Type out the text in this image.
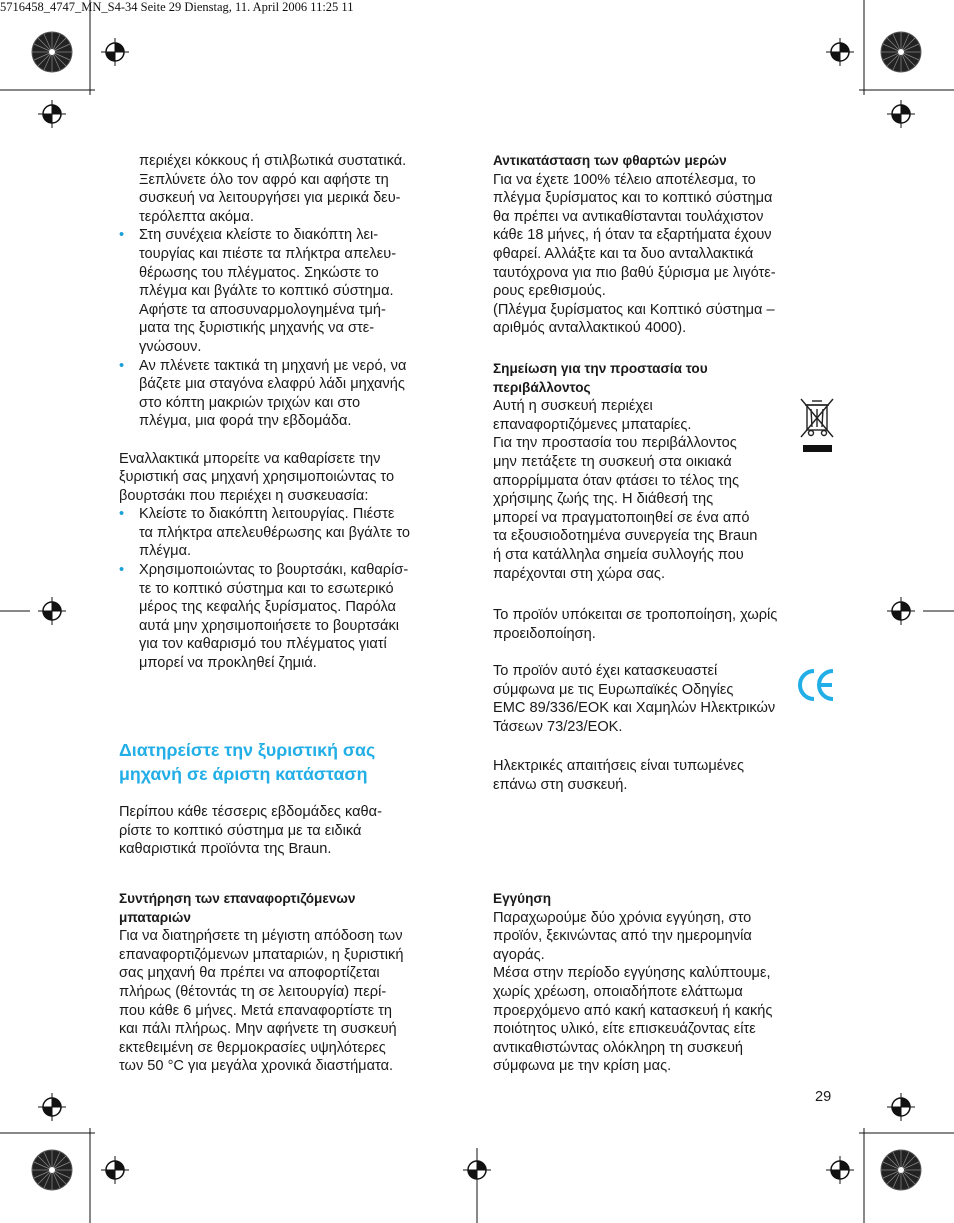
5716458_4747_MN_S4-34 Seite 29 Dienstag, 11. April 2006 11:25 11

περιέχει κόκκους ή στιλβωτικά συστατικά.

Ξεπλύνετε όλο τον αφρό και αφήστε τη

συσκευή να λειτουργήσει για μερικά δευ-

τερόλεπτα ακόμα.

• Στη συνέχεια κλείστε το διακόπτη λει-

τουργίας και πιέστε τα πλήκτρα απελευ-

θέρωσης του πλέγματος. Σηκώστε το

πλέγμα και βγάλτε το κοπτικό σύστημα.

Αφήστε τα αποσυναρμολογημένα τμή-

ματα της ξυριστικής μηχανής να στε-

γνώσουν.

• Αν πλένετε τακτικά τη μηχανή με νερό, να

βάζετε μια σταγόνα ελαφρύ λάδι μηχανής

στο κόπτη μακριών τριχών και στο

πλέγμα, μια φορά την εβδομάδα.

Εναλλακτικά μπορείτε να καθαρίσετε την

ξυριστική σας μηχανή χρησιμοποιώντας το

βουρτσάκι που περιέχει η συσκευασία:

• Κλείστε το διακόπτη λειτουργίας. Πιέστε

τα πλήκτρα απελευθέρωσης και βγάλτε το

πλέγμα.

• Χρησιμοποιώντας το βουρτσάκι, καθαρίσ-

τε το κοπτικό σύστημα και το εσωτερικό

μέρος της κεφαλής ξυρίσματος. Παρόλα

αυτά μην χρησιμοποιήσετε το βουρτσάκι

για τον καθαρισμό του πλέγματος γιατί

μπορεί να προκληθεί ζημιά.

Διατηρείστε την ξυριστική σας
μηχανή σε άριστη κατάσταση

Περίπου κάθε τέσσερις εβδομάδες καθα-

ρίστε το κοπτικό σύστημα με τα ειδικά

καθαριστικά προϊόντα της Braun.

Συντήρηση των επαναφορτιζόμενων

μπαταριών

Για να διατηρήσετε τη μέγιστη απόδοση των

επαναφορτιζόμενων μπαταριών, η ξυριστική

σας μηχανή θα πρέπει να αποφορτίζεται

πλήρως (θέτοντάς τη σε λειτουργία) περί-

που κάθε 6 μήνες. Μετά επαναφορτίστε τη

και πάλι πλήρως. Μην αφήνετε τη συσκευή

εκτεθειμένη σε θερμοκρασίες υψηλότερες

των 50 °C για μεγάλα χρονικά διαστήματα.

Αντικατάσταση των φθαρτών μερών

Για να έχετε 100% τέλειο αποτέλεσμα, το

πλέγμα ξυρίσματος και το κοπτικό σύστημα

θα πρέπει να αντικαθίστανται τουλάχιστον

κάθε 18 μήνες, ή όταν τα εξαρτήματα έχουν

φθαρεί. Αλλάξτε και τα δυο ανταλλακτικά

ταυτόχρονα για πιο βαθύ ξύρισμα με λιγότε-

ρους ερεθισμούς.

(Πλέγμα ξυρίσματος και Κοπτικό σύστημα –

αριθμός ανταλλακτικού 4000).

Σημείωση για την προστασία του

περιβάλλοντος

Αυτή η συσκευή περιέχει

επαναφορτιζόμενες μπαταρίες.

Για την προστασία του περιβάλλοντος

μην πετάξετε τη συσκευή στα οικιακά

απορρίμματα όταν φτάσει το τέλος της

χρήσιμης ζωής της. Η διάθεσή της

μπορεί να πραγματοποιηθεί σε ένα από

τα εξουσιοδοτημένα συνεργεία της Braun

ή στα κατάλληλα σημεία συλλογής που

παρέχονται στη χώρα σας.

Το προϊόν υπόκειται σε τροποποίηση, χωρίς

προειδοποίηση.

Το προϊόν αυτό έχει κατασκευαστεί

σύμφωνα με τις Ευρωπαϊκές Οδηγίες

EMC 89/336/ΕΟΚ και Χαμηλών Ηλεκτρικών

Τάσεων 73/23/ΕΟΚ.

Ηλεκτρικές απαιτήσεις είναι τυπωμένες

επάνω στη συσκευή.

Εγγύηση

Παραχωρούμε δύο χρόνια εγγύηση, στο

προϊόν, ξεκινώντας από την ημερομηνία

αγοράς.

Μέσα στην περίοδο εγγύησης καλύπτουμε,

χωρίς χρέωση, οποιαδήποτε ελάττωμα

προερχόμενο από κακή κατασκευή ή κακής

ποιότητος υλικό, είτε επισκευάζοντας είτε

αντικαθιστώντας ολόκληρη τη συσκευή

σύμφωνα με την κρίση μας.

29
